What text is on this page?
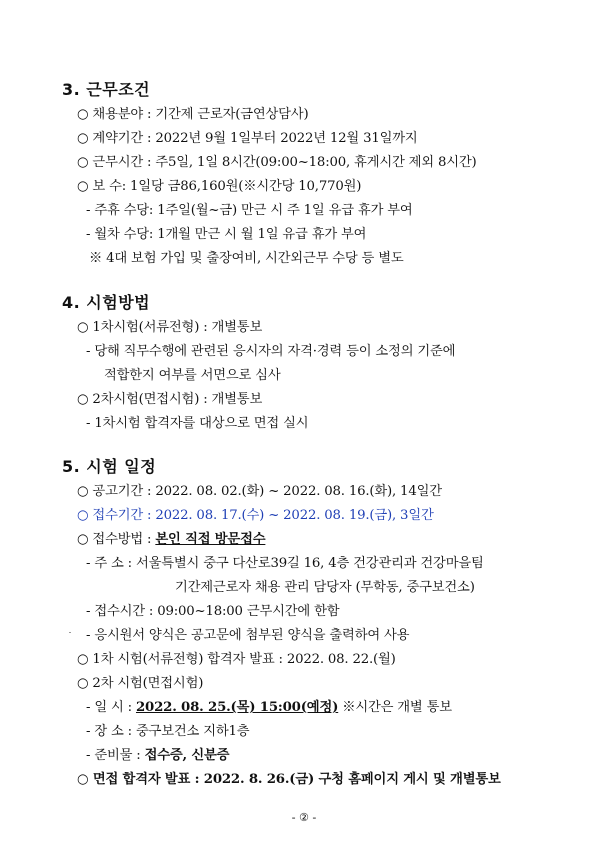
3. 근무조건
○ 채용분야 : 기간제 근로자(금연상담사)
○ 계약기간 : 2022년 9월 1일부터 2022년 12월 31일까지
○ 근무시간 : 주5일, 1일 8시간(09:00~18:00, 휴게시간 제외 8시간)
○ 보 수: 1일당 금86,160원(※시간당 10,770원)
- 주휴 수당: 1주일(월~금) 만근 시 주 1일 유급 휴가 부여
- 월차 수당: 1개월 만근 시 월 1일 유급 휴가 부여
※ 4대 보험 가입 및 출장여비, 시간외근무 수당 등 별도
4. 시험방법
○ 1차시험(서류전형) : 개별통보
- 당해 직무수행에 관련된 응시자의 자격·경력 등이 소정의 기준에
적합한지 여부를 서면으로 심사
○ 2차시험(면접시험) : 개별통보
- 1차시험 합격자를 대상으로 면접 실시
5. 시험 일정
○ 공고기간 : 2022. 08. 02.(화) ~ 2022. 08. 16.(화), 14일간
○ 접수기간 : 2022. 08. 17.(수) ~ 2022. 08. 19.(금), 3일간
○ 접수방법 : 본인 직접 방문접수
- 주 소 : 서울특별시 중구 다산로39길 16, 4층 건강관리과 건강마을팀
기간제근로자 채용 관리 담당자 (무학동, 중구보건소)
- 접수시간 : 09:00~18:00 근무시간에 한함
- 응시원서 양식은 공고문에 첨부된 양식을 출력하여 사용
○ 1차 시험(서류전형) 합격자 발표 : 2022. 08. 22.(월)
○ 2차 시험(면접시험)
- 일 시 : 2022. 08. 25.(목) 15:00(예정) ※시간은 개별 통보
- 장 소 : 중구보건소 지하1층
- 준비물 : 접수증, 신분증
○ 면접 합격자 발표 : 2022. 8. 26.(금) 구청 홈페이지 게시 및 개별통보
- ② -
